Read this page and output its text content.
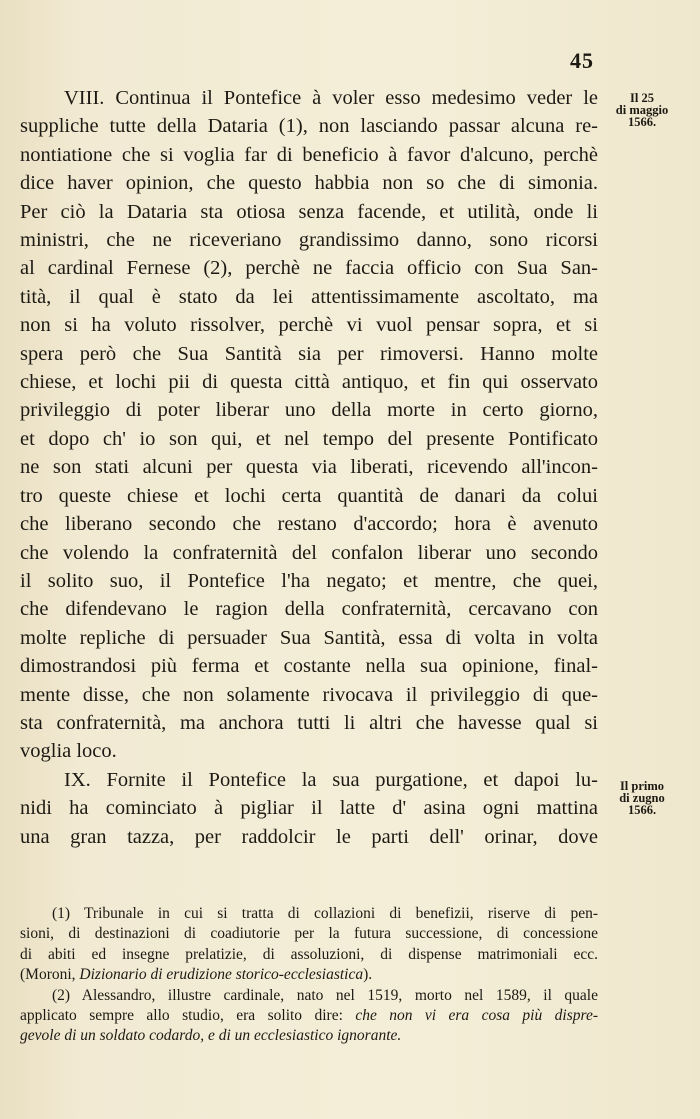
45
Il 25
di maggio
1566.
Il primo
di zugno
1566.

VIII. Continua il Pontefice à voler esso medesimo veder le
suppliche tutte della Dataria (1), non lasciando passar alcuna re-
nontiatione che si voglia far di beneficio à favor d'alcuno, perchè
dice haver opinion, che questo habbia non so che di simonia.
Per ciò la Dataria sta otiosa senza facende, et utilità, onde li
ministri, che ne riceveriano grandissimo danno, sono ricorsi
al cardinal Fernese (2), perchè ne faccia officio con Sua San-
tità, il qual è stato da lei attentissimamente ascoltato, ma
non si ha voluto rissolver, perchè vi vuol pensar sopra, et si
spera però che Sua Santità sia per rimoversi. Hanno molte
chiese, et lochi pii di questa città antiquo, et fin qui osservato
privileggio di poter liberar uno della morte in certo giorno,
et dopo ch' io son qui, et nel tempo del presente Pontificato
ne son stati alcuni per questa via liberati, ricevendo all'incon-
tro queste chiese et lochi certa quantità de danari da colui
che liberano secondo che restano d'accordo; hora è avenuto
che volendo la confraternità del confalon liberar uno secondo
il solito suo, il Pontefice l'ha negato; et mentre, che quei,
che difendevano le ragion della confraternità, cercavano con
molte repliche di persuader Sua Santità, essa di volta in volta
dimostrandosi più ferma et costante nella sua opinione, final-
mente disse, che non solamente rivocava il privileggio di que-
sta confraternità, ma anchora tutti li altri che havesse qual si
voglia loco.

IX. Fornite il Pontefice la sua purgatione, et dapoi lu-
nidi ha cominciato à pigliar il latte d' asina ogni mattina
una gran tazza, per raddolcir le parti dell' orinar, dove

(1) Tribunale in cui si tratta di collazioni di benefizii, riserve di pen-
sioni, di destinazioni di coadiutorie per la futura successione, di concessione
di abiti ed insegne prelatizie, di assoluzioni, di dispense matrimoniali ecc.
(Moroni, Dizionario di erudizione storico-ecclesiastica).

(2) Alessandro, illustre cardinale, nato nel 1519, morto nel 1589, il quale
applicato sempre allo studio, era solito dire: che non vi era cosa più dispre-
gevole di un soldato codardo, e di un ecclesiastico ignorante.
